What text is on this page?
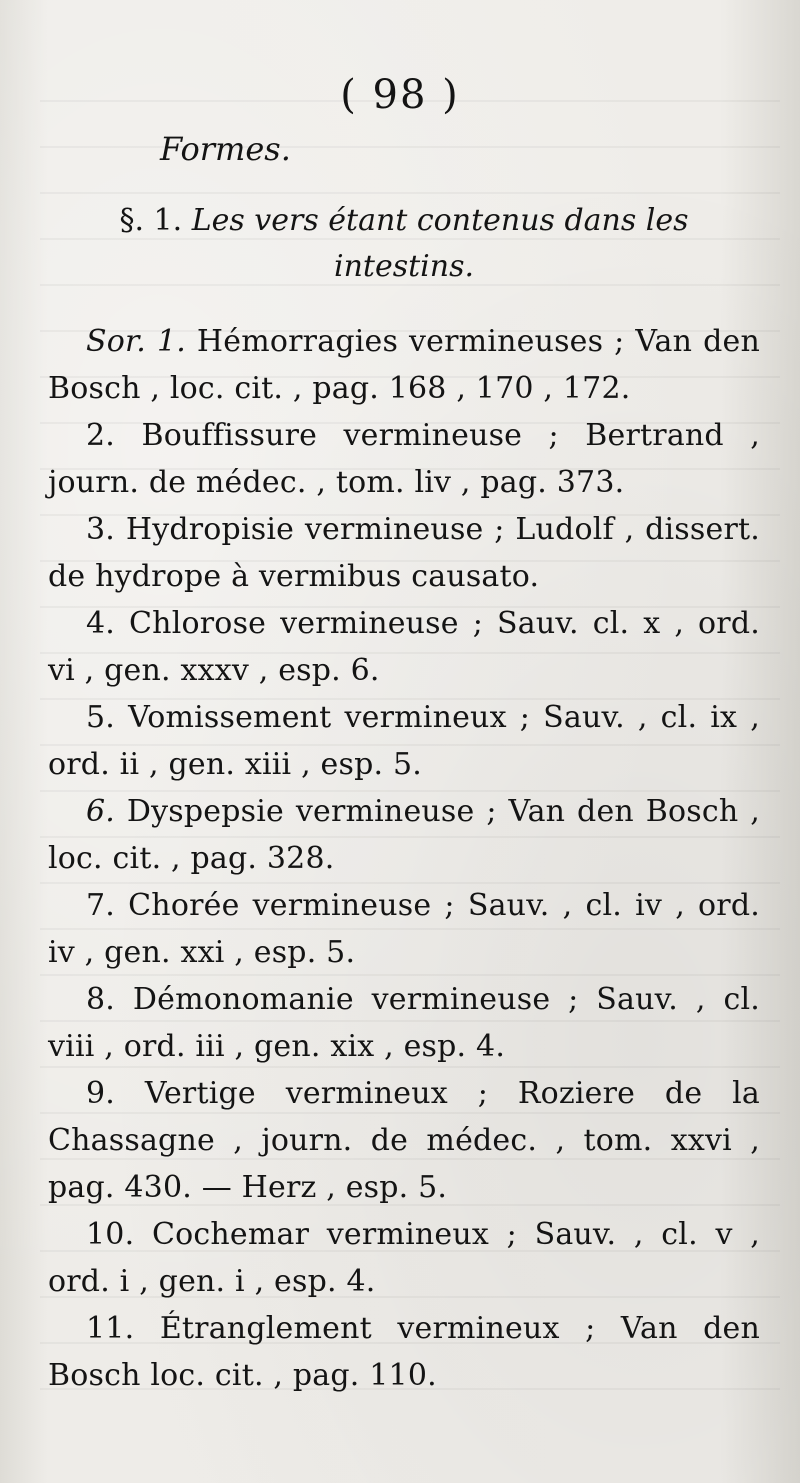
( 98 )
Formes.
§. 1. Les vers étant contenus dans les intestins.

Sor. 1. Hémorragies vermineuses ; Van den Bosch , loc. cit. , pag. 168 , 170 , 172.

2. Bouffissure vermineuse ; Bertrand , journ. de médec. , tom. liv , pag. 373.

3. Hydropisie vermineuse ; Ludolf , dissert. de hydrope à vermibus causato.

4. Chlorose vermineuse ; Sauv. cl. x , ord. vi , gen. xxxv , esp. 6.

5. Vomissement vermineux ; Sauv. , cl. ix , ord. ii , gen. xiii , esp. 5.

6. Dyspepsie vermineuse ; Van den Bosch , loc. cit. , pag. 328.

7. Chorée vermineuse ; Sauv. , cl. iv , ord. iv , gen. xxi , esp. 5.

8. Démonomanie vermineuse ; Sauv. , cl. viii , ord. iii , gen. xix , esp. 4.

9. Vertige vermineux ; Roziere de la Chassagne , journ. de médec. , tom. xxvi , pag. 430. — Herz , esp. 5.

10. Cochemar vermineux ; Sauv. , cl. v , ord. i , gen. i , esp. 4.

11. Étranglement vermineux ; Van den Bosch loc. cit. , pag. 110.
